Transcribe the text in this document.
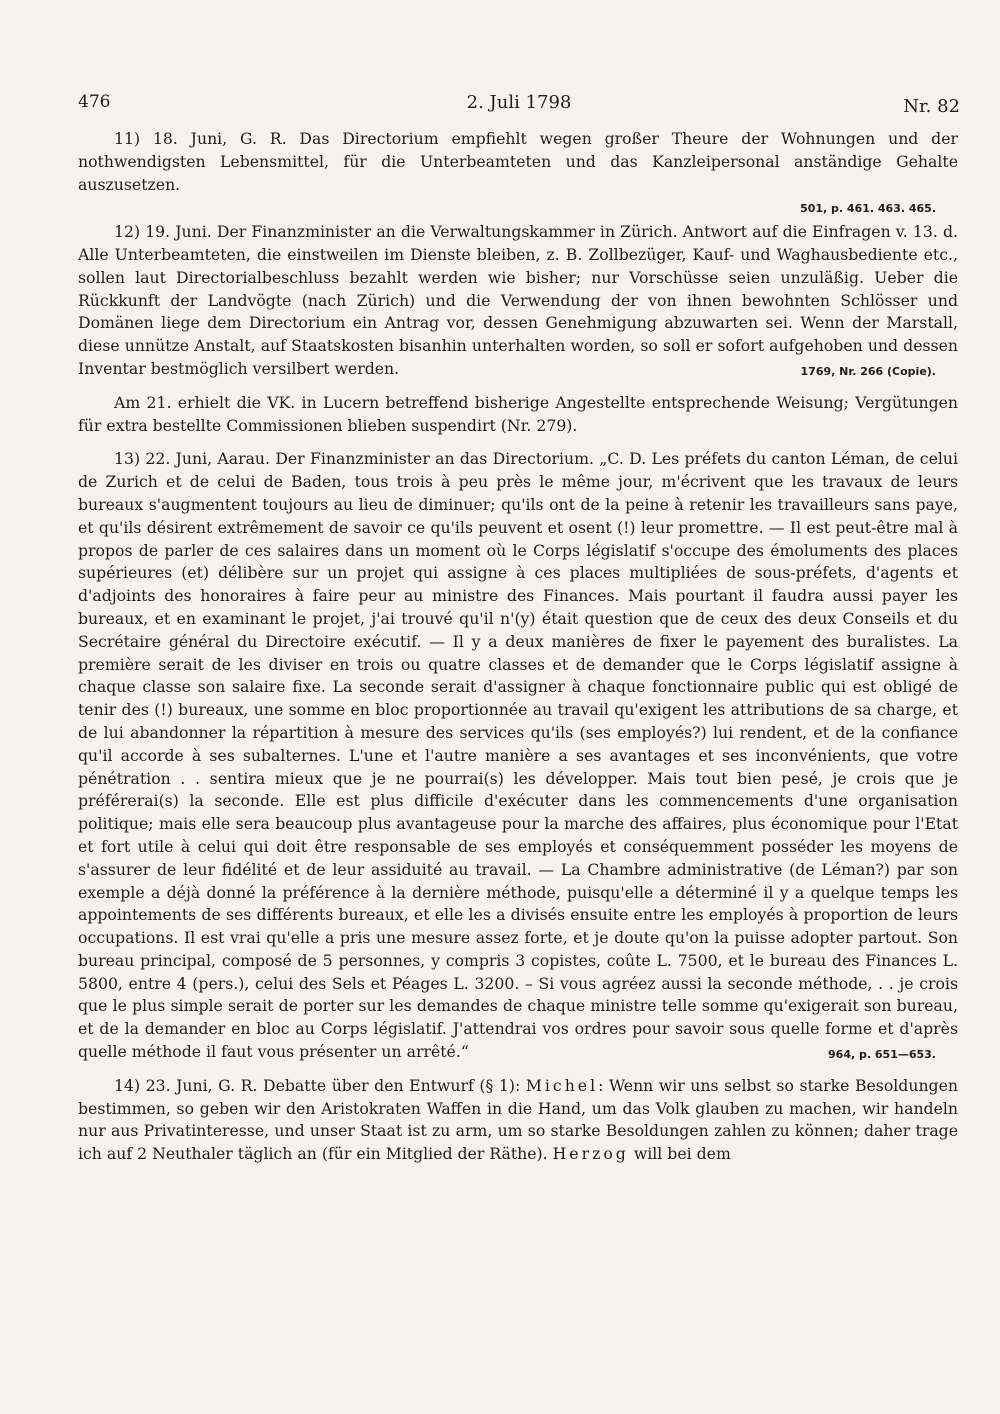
476	2. Juli 1798	Nr. 82

11) 18. Juni, G. R. Das Directorium empfiehlt wegen großer Theure der Wohnungen und der nothwendigsten Lebensmittel, für die Unterbeamteten und das Kanzleipersonal anständige Gehalte auszusetzen.

501, p. 461. 463. 465.

12) 19. Juni. Der Finanzminister an die Verwaltungskammer in Zürich. Antwort auf die Einfragen v. 13. d. Alle Unterbeamteten, die einstweilen im Dienste bleiben, z. B. Zollbezüger, Kauf- und Waghausbediente etc., sollen laut Directorialbeschluss bezahlt werden wie bisher; nur Vorschüsse seien unzuläßig. Ueber die Rückkunft der Landvögte (nach Zürich) und die Verwendung der von ihnen bewohnten Schlösser und Domänen liege dem Directorium ein Antrag vor, dessen Genehmigung abzuwarten sei. Wenn der Marstall, diese unnütze Anstalt, auf Staatskosten bisanhin unterhalten worden, so soll er sofort aufgehoben und dessen Inventar bestmöglich versilbert werden.	1769, Nr. 266 (Copie).

Am 21. erhielt die VK. in Lucern betreffend bisherige Angestellte entsprechende Weisung; Vergütungen für extra bestellte Commissionen blieben suspendirt (Nr. 279).

13) 22. Juni, Aarau. Der Finanzminister an das Directorium. „C. D. Les préfets du canton Léman, de celui de Zurich et de celui de Baden, tous trois à peu près le même jour, m'écrivent que les travaux de leurs bureaux s'augmentent toujours au lieu de diminuer; qu'ils ont de la peine à retenir les travailleurs sans paye, et qu'ils désirent extrêmement de savoir ce qu'ils peuvent et osent (!) leur promettre. — Il est peut-être mal à propos de parler de ces salaires dans un moment où le Corps législatif s'occupe des émoluments des places supérieures (et) délibère sur un projet qui assigne à ces places multipliées de sous-préfets, d'agents et d'adjoints des honoraires à faire peur au ministre des Finances. Mais pourtant il faudra aussi payer les bureaux, et en examinant le projet, j'ai trouvé qu'il n'(y) était question que de ceux des deux Conseils et du Secrétaire général du Directoire exécutif. — Il y a deux manières de fixer le payement des buralistes. La première serait de les diviser en trois ou quatre classes et de demander que le Corps législatif assigne à chaque classe son salaire fixe. La seconde serait d'assigner à chaque fonctionnaire public qui est obligé de tenir des (!) bureaux, une somme en bloc proportionnée au travail qu'exigent les attributions de sa charge, et de lui abandonner la répartition à mesure des services qu'ils (ses employés?) lui rendent, et de la confiance qu'il accorde à ses subalternes. L'une et l'autre manière a ses avantages et ses inconvénients, que votre pénétration . . sentira mieux que je ne pourrai(s) les développer. Mais tout bien pesé, je crois que je préférerai(s) la seconde. Elle est plus difficile d'exécuter dans les commencements d'une organisation politique; mais elle sera beaucoup plus avantageuse pour la marche des affaires, plus économique pour l'Etat et fort utile à celui qui doit être responsable de ses employés et conséquemment posséder les moyens de s'assurer de leur fidélité et de leur assiduité au travail. — La Chambre administrative (de Léman?) par son exemple a déjà donné la préférence à la dernière méthode, puisqu'elle a déterminé il y a quelque temps les appointements de ses différents bureaux, et elle les a divisés ensuite entre les employés à proportion de leurs occupations. Il est vrai qu'elle a pris une mesure assez forte, et je doute qu'on la puisse adopter partout. Son bureau principal, composé de 5 personnes, y compris 3 copistes, coûte L. 7500, et le bureau des Finances L. 5800, entre 4 (pers.), celui des Sels et Péages L. 3200. – Si vous agréez aussi la seconde méthode, . . je crois que le plus simple serait de porter sur les demandes de chaque ministre telle somme qu'exigerait son bureau, et de la demander en bloc au Corps législatif. J'attendrai vos ordres pour savoir sous quelle forme et d'après quelle méthode il faut vous présenter un arrêté.“	964, p. 651—653.

14) 23. Juni, G. R. Debatte über den Entwurf (§ 1): Michel: Wenn wir uns selbst so starke Besoldungen bestimmen, so geben wir den Aristokraten Waffen in die Hand, um das Volk glauben zu machen, wir handeln nur aus Privatinteresse, und unser Staat ist zu arm, um so starke Besoldungen zahlen zu können; daher trage ich auf 2 Neuthaler täglich an (für ein Mitglied der Räthe). Herzog will bei dem
